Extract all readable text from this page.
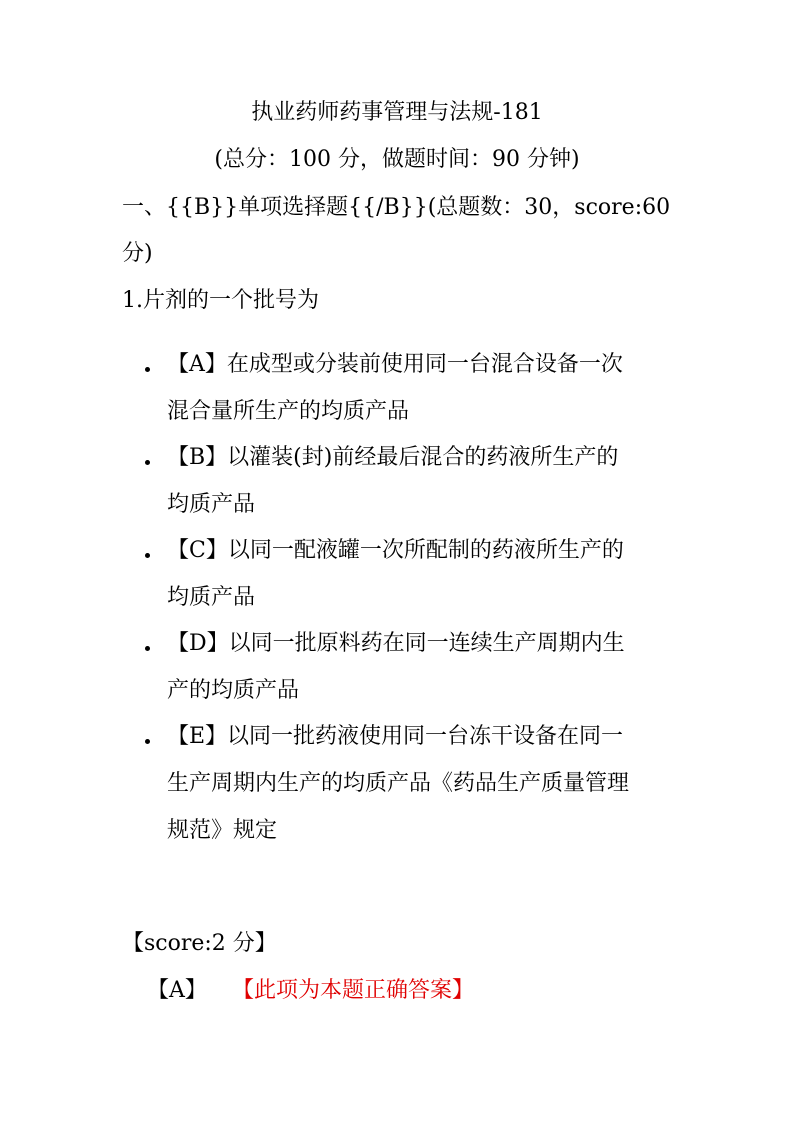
执业药师药事管理与法规-181
(总分：100 分，做题时间：90 分钟)
一、{{B}}单项选择题{{/B}}(总题数：30，score:60
分)
1.片剂的一个批号为
【A】在成型或分装前使用同一台混合设备一次
混合量所生产的均质产品
【B】以灌装(封)前经最后混合的药液所生产的
均质产品
【C】以同一配液罐一次所配制的药液所生产的
均质产品
【D】以同一批原料药在同一连续生产周期内生
产的均质产品
【E】以同一批药液使用同一台冻干设备在同一
生产周期内生产的均质产品《药品生产质量管理
规范》规定
【score:2 分】
【A】 【此项为本题正确答案】
